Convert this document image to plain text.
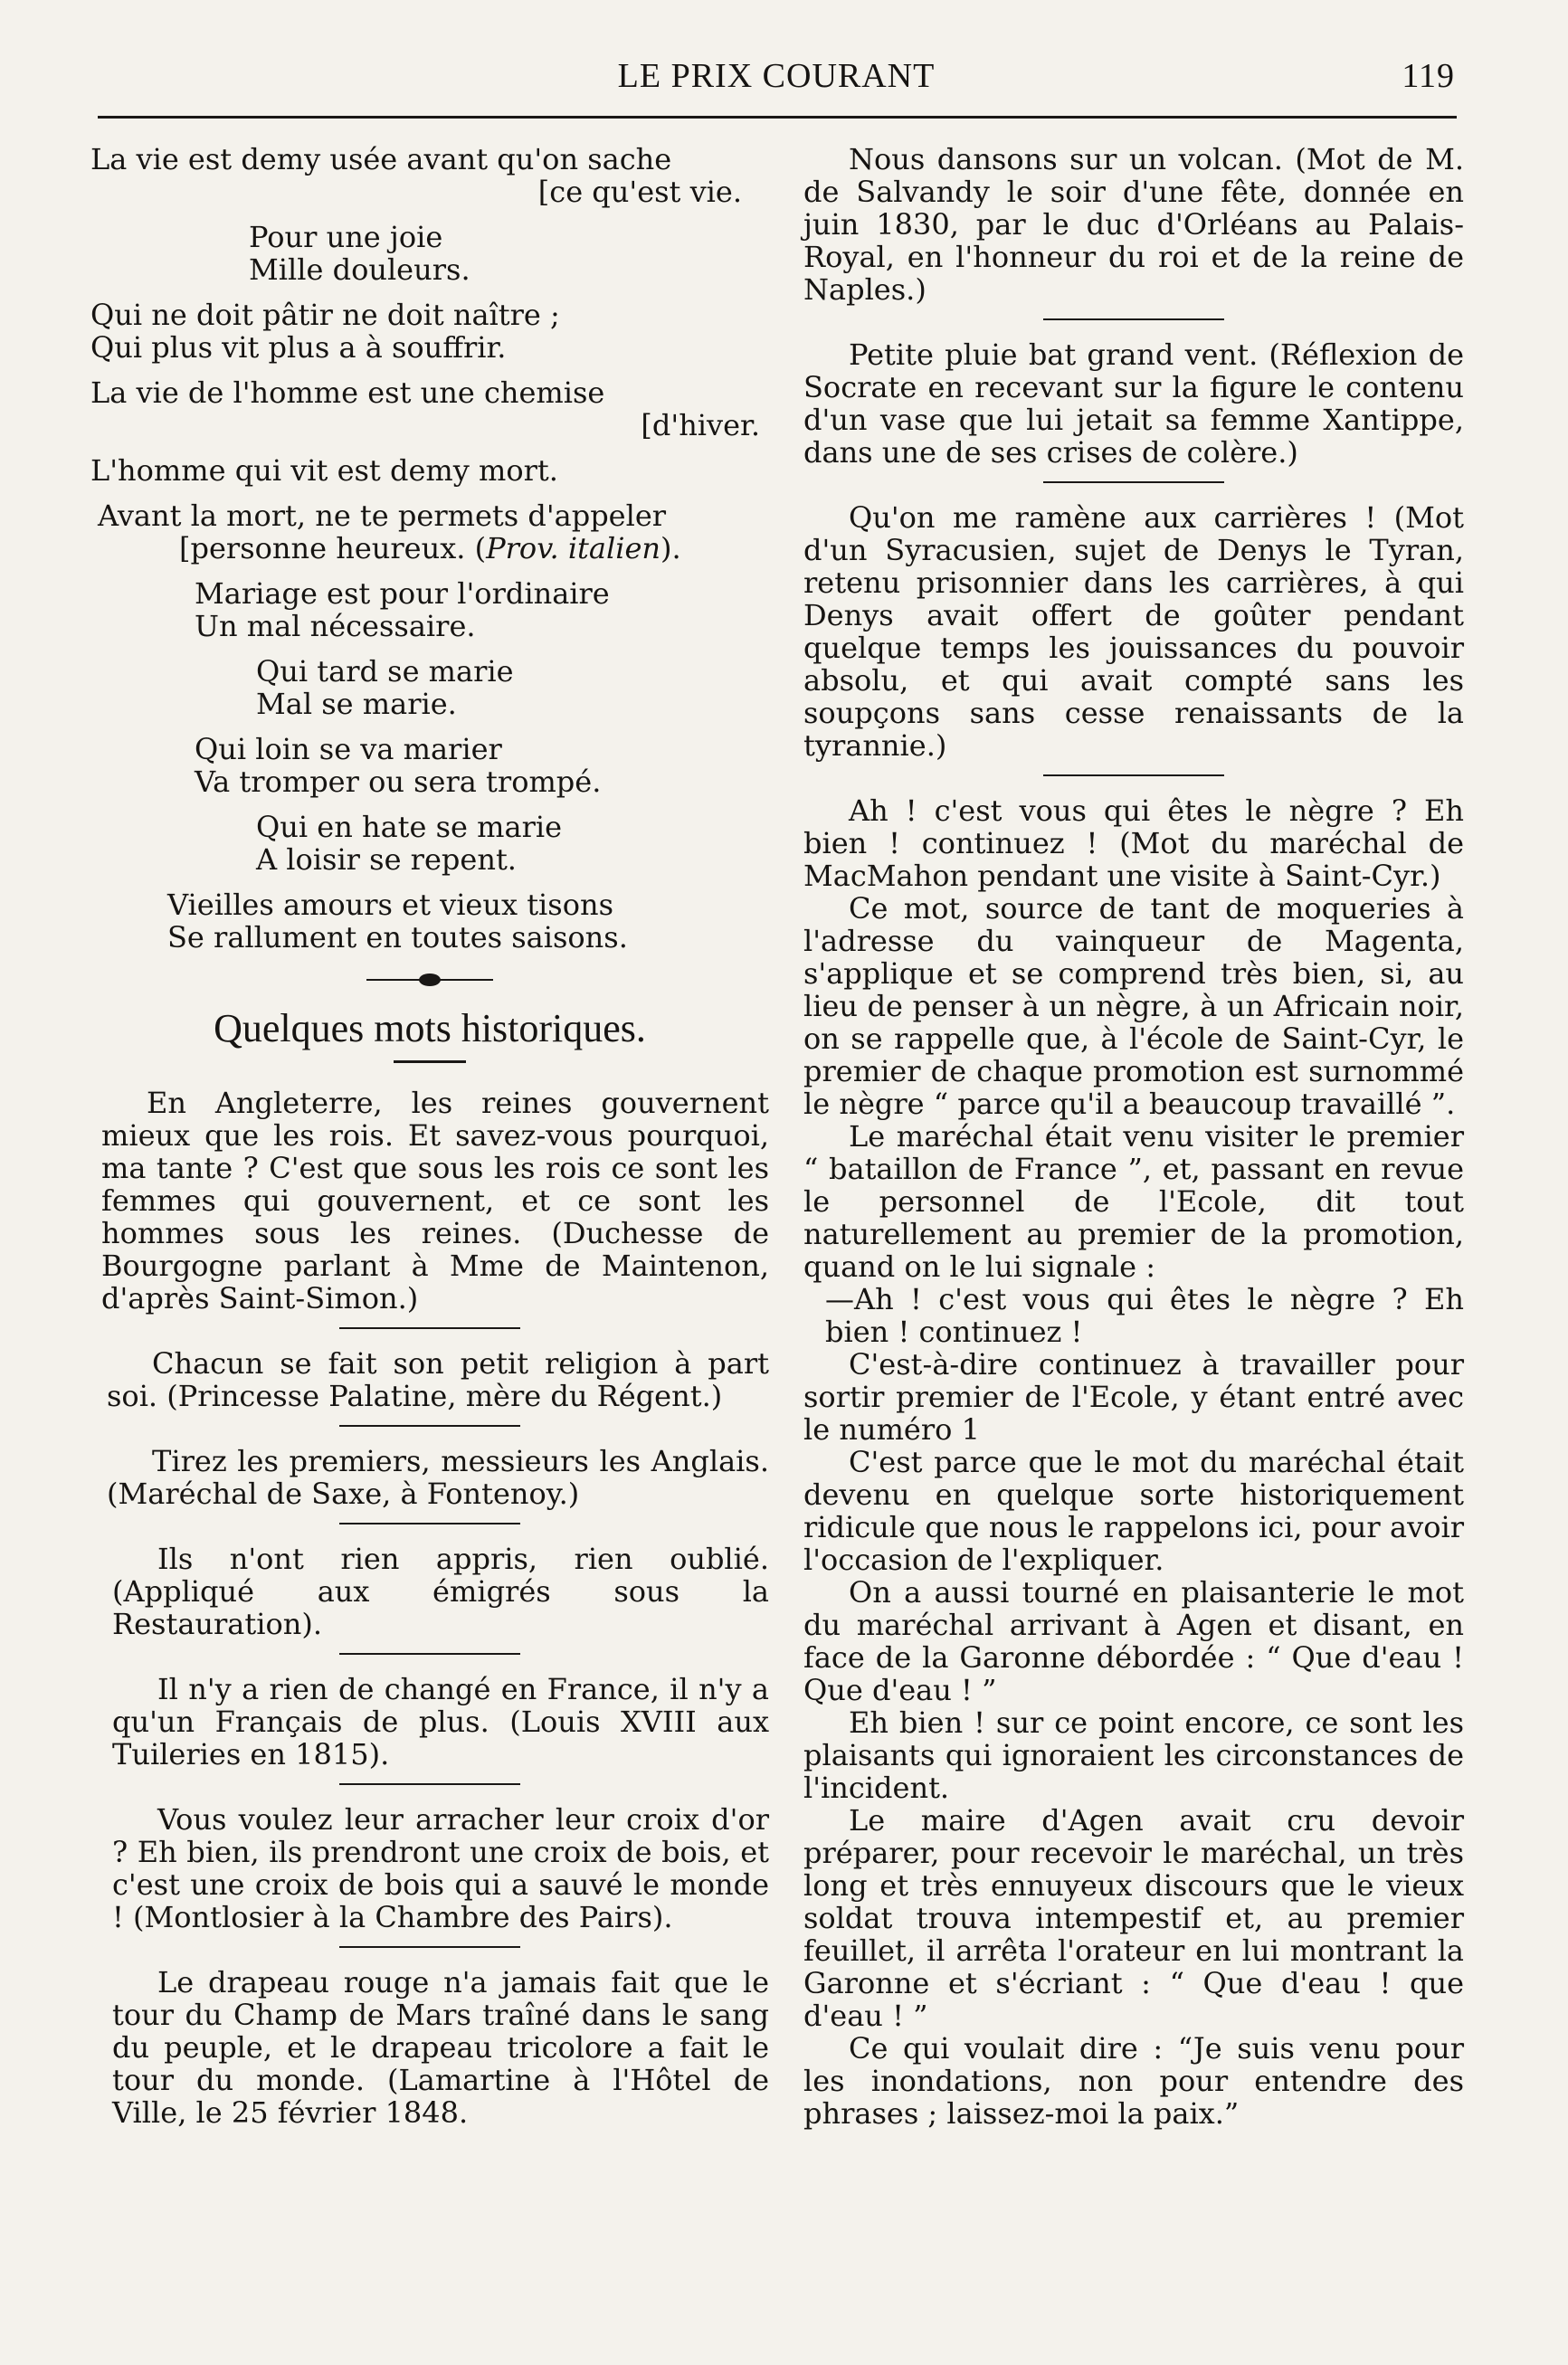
LE PRIX COURANT	119
La vie est demy usée avant qu'on sache
[ce qu'est vie.
Pour une joie
Mille douleurs.
Qui ne doit pâtir ne doit naître ;
Qui plus vit plus a à souffrir.
La vie de l'homme est une chemise
[d'hiver.
L'homme qui vit est demy mort.
Avant la mort, ne te permets d'appeler
[personne heureux. (Prov. italien).
Mariage est pour l'ordinaire
Un mal nécessaire.
Qui tard se marie
Mal se marie.
Qui loin se va marier
Va tromper ou sera trompé.
Qui en hate se marie
A loisir se repent.
Vieilles amours et vieux tisons
Se rallument en toutes saisons.
Quelques mots historiques.

En Angleterre, les reines gouvernent mieux que les rois. Et savez-vous pourquoi, ma tante ? C'est que sous les rois ce sont les femmes qui gouvernent, et ce sont les hommes sous les reines. (Duchesse de Bourgogne parlant à Mme de Maintenon, d'après Saint-Simon.)

Chacun se fait son petit religion à part soi. (Princesse Palatine, mère du Régent.)

Tirez les premiers, messieurs les Anglais. (Maréchal de Saxe, à Fontenoy.)

Ils n'ont rien appris, rien oublié. (Appliqué aux émigrés sous la Restauration).

Il n'y a rien de changé en France, il n'y a qu'un Français de plus. (Louis XVIII aux Tuileries en 1815).

Vous voulez leur arracher leur croix d'or ? Eh bien, ils prendront une croix de bois, et c'est une croix de bois qui a sauvé le monde ! (Montlosier à la Chambre des Pairs).

Le drapeau rouge n'a jamais fait que le tour du Champ de Mars traîné dans le sang du peuple, et le drapeau tricolore a fait le tour du monde. (Lamartine à l'Hôtel de Ville, le 25 février 1848.

Nous dansons sur un volcan. (Mot de M. de Salvandy le soir d'une fête, donnée en juin 1830, par le duc d'Orléans au Palais-Royal, en l'honneur du roi et de la reine de Naples.)

Petite pluie bat grand vent. (Réflexion de Socrate en recevant sur la figure le contenu d'un vase que lui jetait sa femme Xantippe, dans une de ses crises de colère.)

Qu'on me ramène aux carrières ! (Mot d'un Syracusien, sujet de Denys le Tyran, retenu prisonnier dans les carrières, à qui Denys avait offert de goûter pendant quelque temps les jouissances du pouvoir absolu, et qui avait compté sans les soupçons sans cesse renaissants de la tyrannie.)

Ah ! c'est vous qui êtes le nègre ? Eh bien ! continuez ! (Mot du maréchal de MacMahon pendant une visite à Saint-Cyr.)

Ce mot, source de tant de moqueries à l'adresse du vainqueur de Magenta, s'applique et se comprend très bien, si, au lieu de penser à un nègre, à un Africain noir, on se rappelle que, à l'école de Saint-Cyr, le premier de chaque promotion est surnommé le nègre “ parce qu'il a beaucoup travaillé ”.

Le maréchal était venu visiter le premier “ bataillon de France ”, et, passant en revue le personnel de l'Ecole, dit tout naturellement au premier de la promotion, quand on le lui signale :

—Ah ! c'est vous qui êtes le nègre ? Eh bien ! continuez !

C'est-à-dire continuez à travailler pour sortir premier de l'Ecole, y étant entré avec le numéro 1

C'est parce que le mot du maréchal était devenu en quelque sorte historiquement ridicule que nous le rappelons ici, pour avoir l'occasion de l'expliquer.

On a aussi tourné en plaisanterie le mot du maréchal arrivant à Agen et disant, en face de la Garonne débordée : “ Que d'eau ! Que d'eau ! ”

Eh bien ! sur ce point encore, ce sont les plaisants qui ignoraient les circonstances de l'incident.

Le maire d'Agen avait cru devoir préparer, pour recevoir le maréchal, un très long et très ennuyeux discours que le vieux soldat trouva intempestif et, au premier feuillet, il arrêta l'orateur en lui montrant la Garonne et s'écriant : “ Que d'eau ! que d'eau ! ”

Ce qui voulait dire : “Je suis venu pour les inondations, non pour entendre des phrases ; laissez-moi la paix.”
